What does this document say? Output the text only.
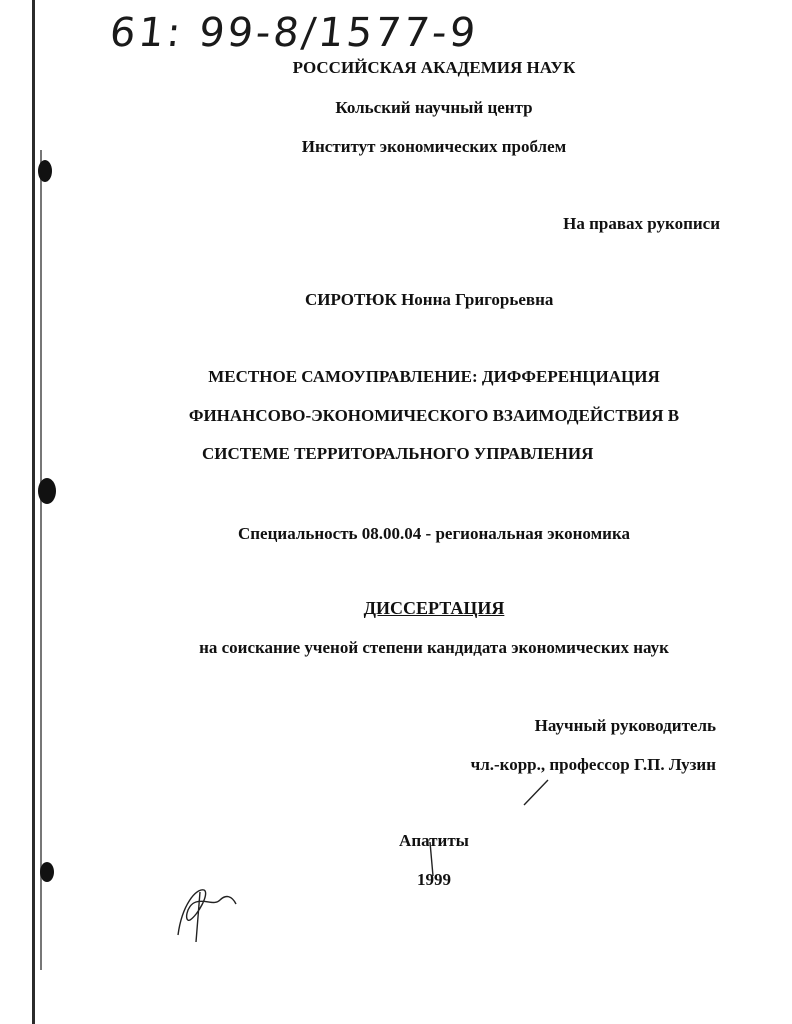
61: 99-8/1577-9
РОССИЙСКАЯ АКАДЕМИЯ НАУК
Кольский научный центр
Институт экономических проблем
На правах рукописи
СИРОТЮК Нонна Григорьевна
МЕСТНОЕ САМОУПРАВЛЕНИЕ: ДИФФЕРЕНЦИАЦИЯ
ФИНАНСОВО-ЭКОНОМИЧЕСКОГО ВЗАИМОДЕЙСТВИЯ В
СИСТЕМЕ ТЕРРИТОРАЛЬНОГО УПРАВЛЕНИЯ
Специальность 08.00.04 - региональная экономика
ДИССЕРТАЦИЯ
на соискание ученой степени кандидата экономических наук
Научный руководитель
чл.-корр., профессор Г.П. Лузин
Апатиты
1999
